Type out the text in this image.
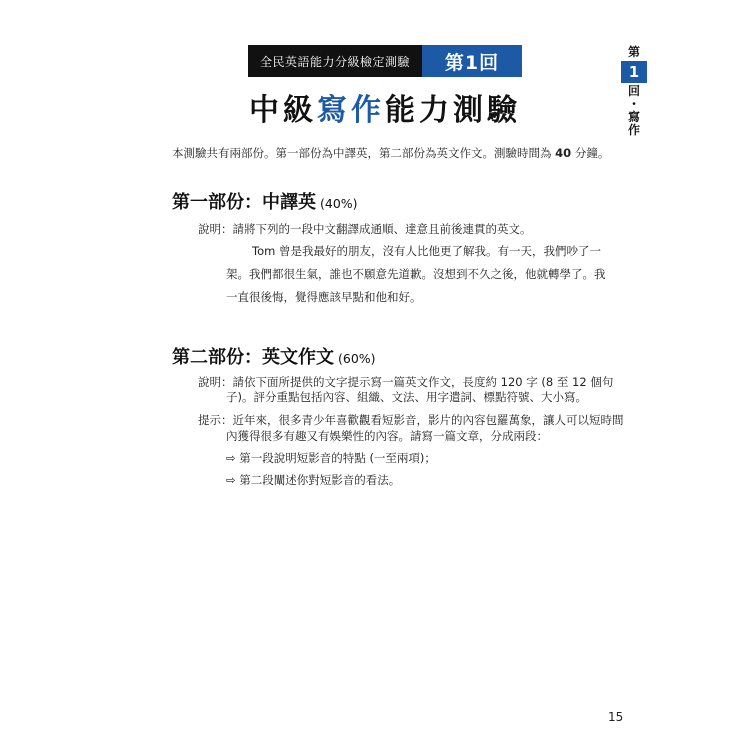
全民英語能力分級檢定測驗	第1回
中級寫作能力測驗
第
1
回
・
寫
作
本測驗共有兩部份。第一部份為中譯英，第二部份為英文作文。測驗時間為 40 分鐘。
第一部份：中譯英 (40%)
說明：請將下列的一段中文翻譯成通順、達意且前後連貫的英文。
Tom 曾是我最好的朋友，沒有人比他更了解我。有一天，我們吵了一
架。我們都很生氣，誰也不願意先道歉。沒想到不久之後，他就轉學了。我
一直很後悔，覺得應該早點和他和好。
第二部份：英文作文 (60%)
說明：請依下面所提供的文字提示寫一篇英文作文，長度約 120 字 (8 至 12 個句
子)。評分重點包括內容、組織、文法、用字遣詞、標點符號、大小寫。
提示：近年來，很多青少年喜歡觀看短影音，影片的內容包羅萬象，讓人可以短時間
內獲得很多有趣又有娛樂性的內容。請寫一篇文章，分成兩段：
⇨ 第一段說明短影音的特點 (一至兩項)；
⇨ 第二段闡述你對短影音的看法。
15
